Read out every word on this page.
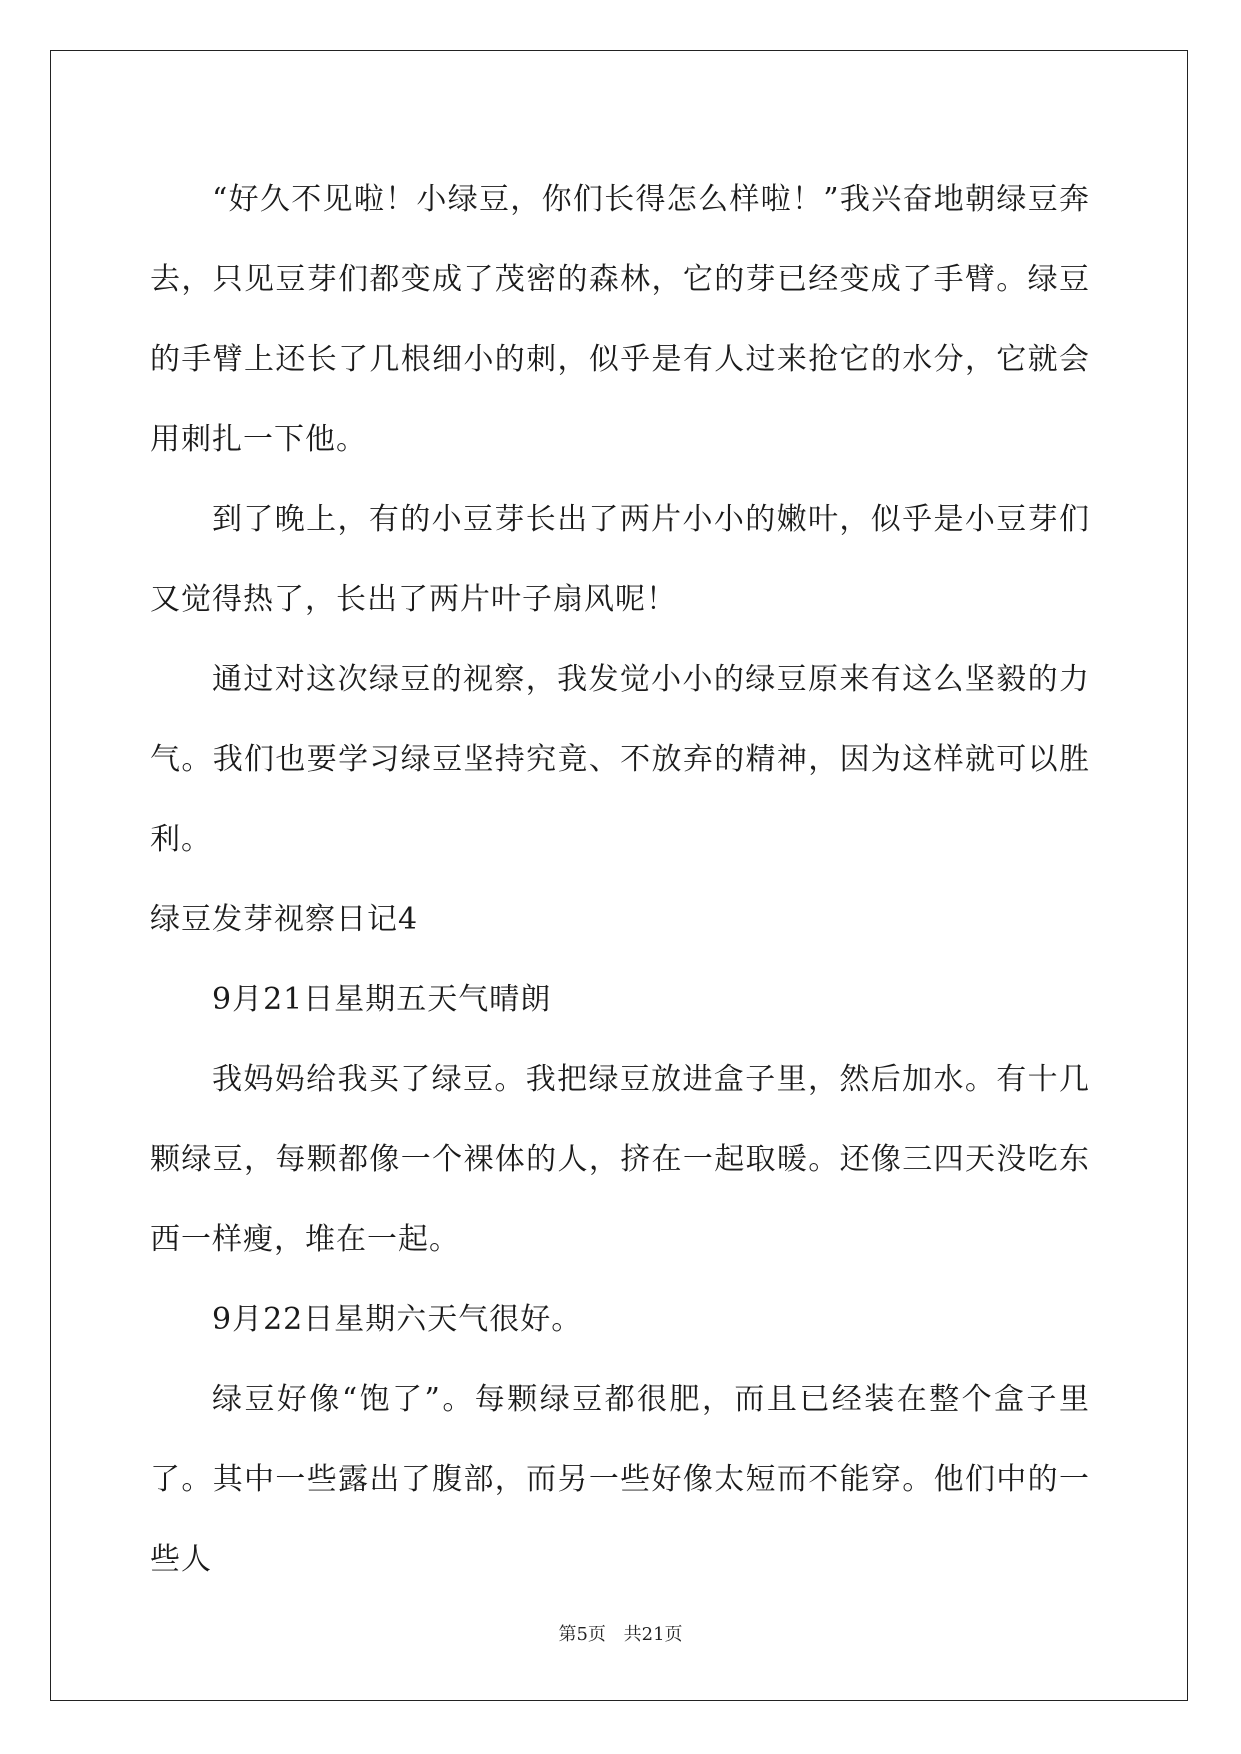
“好久不见啦！小绿豆，你们长得怎么样啦！”我兴奋地朝绿豆奔去，只见豆芽们都变成了茂密的森林，它的芽已经变成了手臂。绿豆的手臂上还长了几根细小的刺，似乎是有人过来抢它的水分，它就会用刺扎一下他。

到了晚上，有的小豆芽长出了两片小小的嫩叶，似乎是小豆芽们又觉得热了，长出了两片叶子扇风呢！

通过对这次绿豆的视察，我发觉小小的绿豆原来有这么坚毅的力气。我们也要学习绿豆坚持究竟、不放弃的精神，因为这样就可以胜利。

绿豆发芽视察日记4

9月21日星期五天气晴朗

我妈妈给我买了绿豆。我把绿豆放进盒子里，然后加水。有十几颗绿豆，每颗都像一个裸体的人，挤在一起取暖。还像三四天没吃东西一样瘦，堆在一起。

9月22日星期六天气很好。

绿豆好像“饱了”。每颗绿豆都很肥，而且已经装在整个盒子里了。其中一些露出了腹部，而另一些好像太短而不能穿。他们中的一些人

第5页 共21页
